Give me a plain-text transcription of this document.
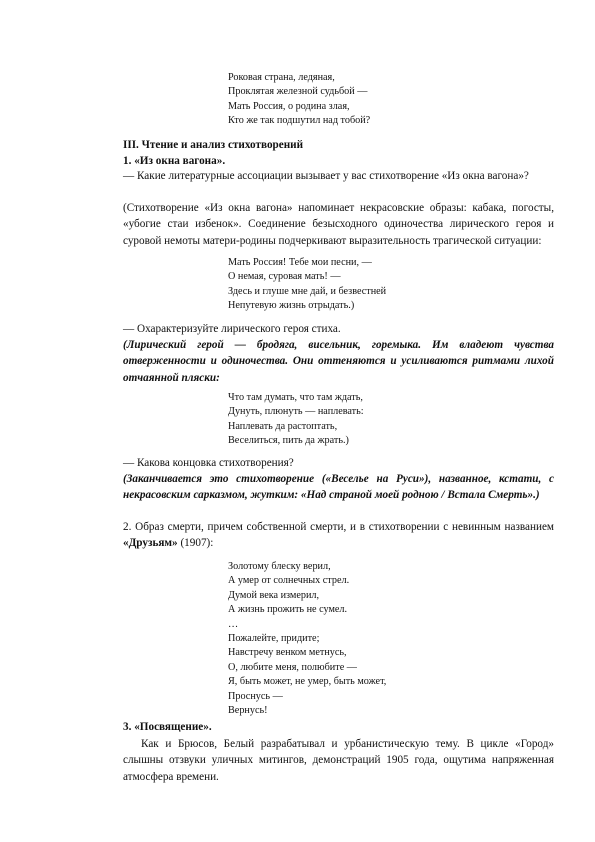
Роковая страна, ледяная,
Проклятая железной судьбой —
Мать Россия, о родина злая,
Кто же так подшутил над тобой?
III. Чтение и анализ стихотворений
1. «Из окна вагона».
— Какие литературные ассоциации вызывает у вас стихотворение «Из окна вагона»?
(Стихотворение «Из окна вагона» напоминает некрасовские образы: кабака, погосты, «убогие стаи избенок». Соединение безысходного одиночества лирического героя и суровой немоты матери-родины подчеркивают выразительность трагической ситуации:
Мать Россия! Тебе мои песни, —
О немая, суровая мать! —
Здесь и глуше мне дай, и безвестней
Непутевую жизнь отрыдать.)
— Охарактеризуйте лирического героя стиха.
(Лирический герой — бродяга, висельник, горемыка. Им владеют чувства отверженности и одиночества. Они оттеняются и усиливаются ритмами лихой отчаянной пляски:
Что там думать, что там ждать,
Дунуть, плюнуть — наплевать:
Наплевать да растоптать,
Веселиться, пить да жрать.)
— Какова концовка стихотворения?
(Заканчивается это стихотворение («Веселье на Руси»), названное, кстати, с некрасовским сарказмом, жутким: «Над страной моей родною / Встала Смерть».)
2. Образ смерти, причем собственной смерти, и в стихотворении с невинным названием «Друзьям» (1907):
Золотому блеску верил,
А умер от солнечных стрел.
Думой века измерил,
А жизнь прожить не сумел.
…
Пожалейте, придите;
Навстречу венком метнусь,
О, любите меня, полюбите —
Я, быть может, не умер, быть может,
Проснусь —
Вернусь!
3. «Посвящение».
Как и Брюсов, Белый разрабатывал и урбанистическую тему. В цикле «Город» слышны отзвуки уличных митингов, демонстраций 1905 года, ощутима напряженная атмосфера времени.
